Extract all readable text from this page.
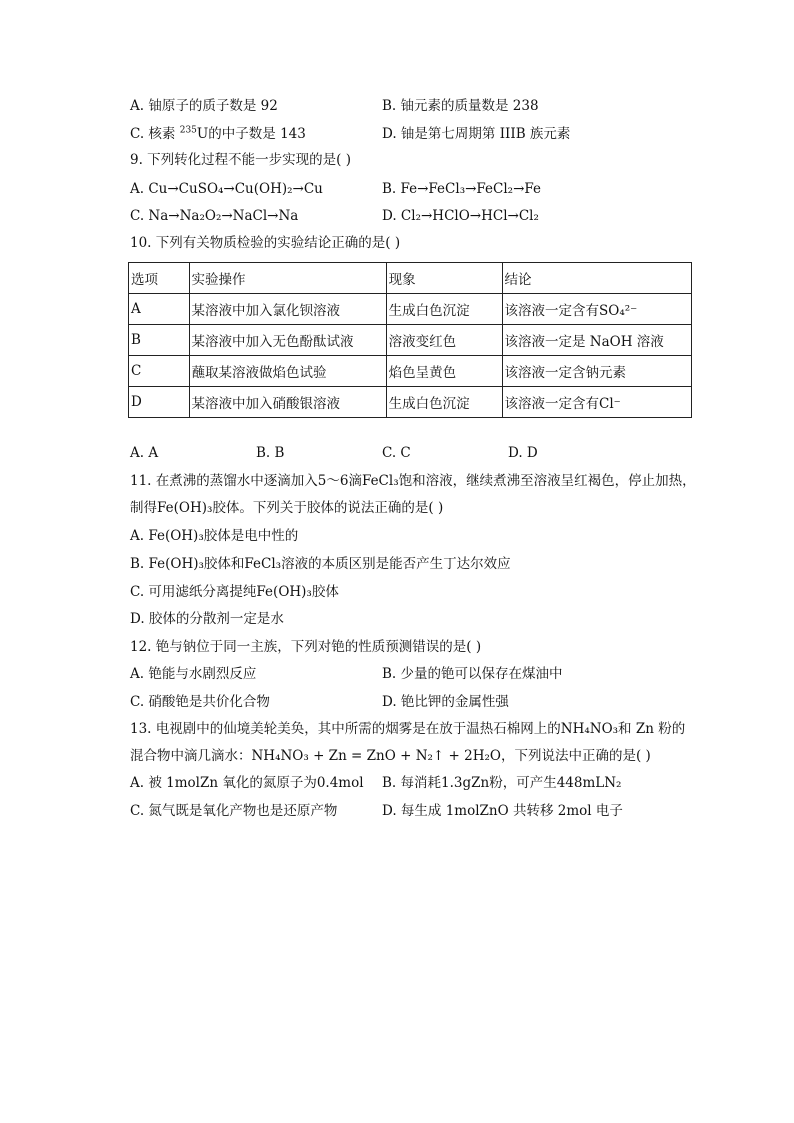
A. 铀原子的质子数是 92	B. 铀元素的质量数是 238
C. 核素 $^{235}$U的中子数是 143	D. 铀是第七周期第 IIIB 族元素
9. 下列转化过程不能一步实现的是( )
A. Cu→CuSO₄→Cu(OH)₂→Cu	B. Fe→FeCl₃→FeCl₂→Fe
C. Na→Na₂O₂→NaCl→Na	D. Cl₂→HClO→HCl→Cl₂
10. 下列有关物质检验的实验结论正确的是( )
选项	实验操作	现象	结论
A	某溶液中加入氯化钡溶液	生成白色沉淀	该溶液一定含有SO₄²⁻
B	某溶液中加入无色酚酞试液	溶液变红色	该溶液一定是 NaOH 溶液
C	蘸取某溶液做焰色试验	焰色呈黄色	该溶液一定含钠元素
D	某溶液中加入硝酸银溶液	生成白色沉淀	该溶液一定含有Cl⁻
A. A	B. B	C. C	D. D
11. 在煮沸的蒸馏水中逐滴加入5～6滴FeCl₃饱和溶液，继续煮沸至溶液呈红褐色，停止加热，
制得Fe(OH)₃胶体。下列关于胶体的说法正确的是( )
A. Fe(OH)₃胶体是电中性的
B. Fe(OH)₃胶体和FeCl₃溶液的本质区别是能否产生丁达尔效应
C. 可用滤纸分离提纯Fe(OH)₃胶体
D. 胶体的分散剂一定是水
12. 铯与钠位于同一主族，下列对铯的性质预测错误的是( )
A. 铯能与水剧烈反应	B. 少量的铯可以保存在煤油中
C. 硝酸铯是共价化合物	D. 铯比钾的金属性强
13. 电视剧中的仙境美轮美奂，其中所需的烟雾是在放于温热石棉网上的NH₄NO₃和 Zn 粉的
混合物中滴几滴水：NH₄NO₃ + Zn = ZnO + N₂↑ + 2H₂O，下列说法中正确的是( )
A. 被 1molZn 氧化的氮原子为0.4mol B. 每消耗1.3gZn粉，可产生448mLN₂
C. 氮气既是氧化产物也是还原产物	D. 每生成 1molZnO 共转移 2mol 电子
